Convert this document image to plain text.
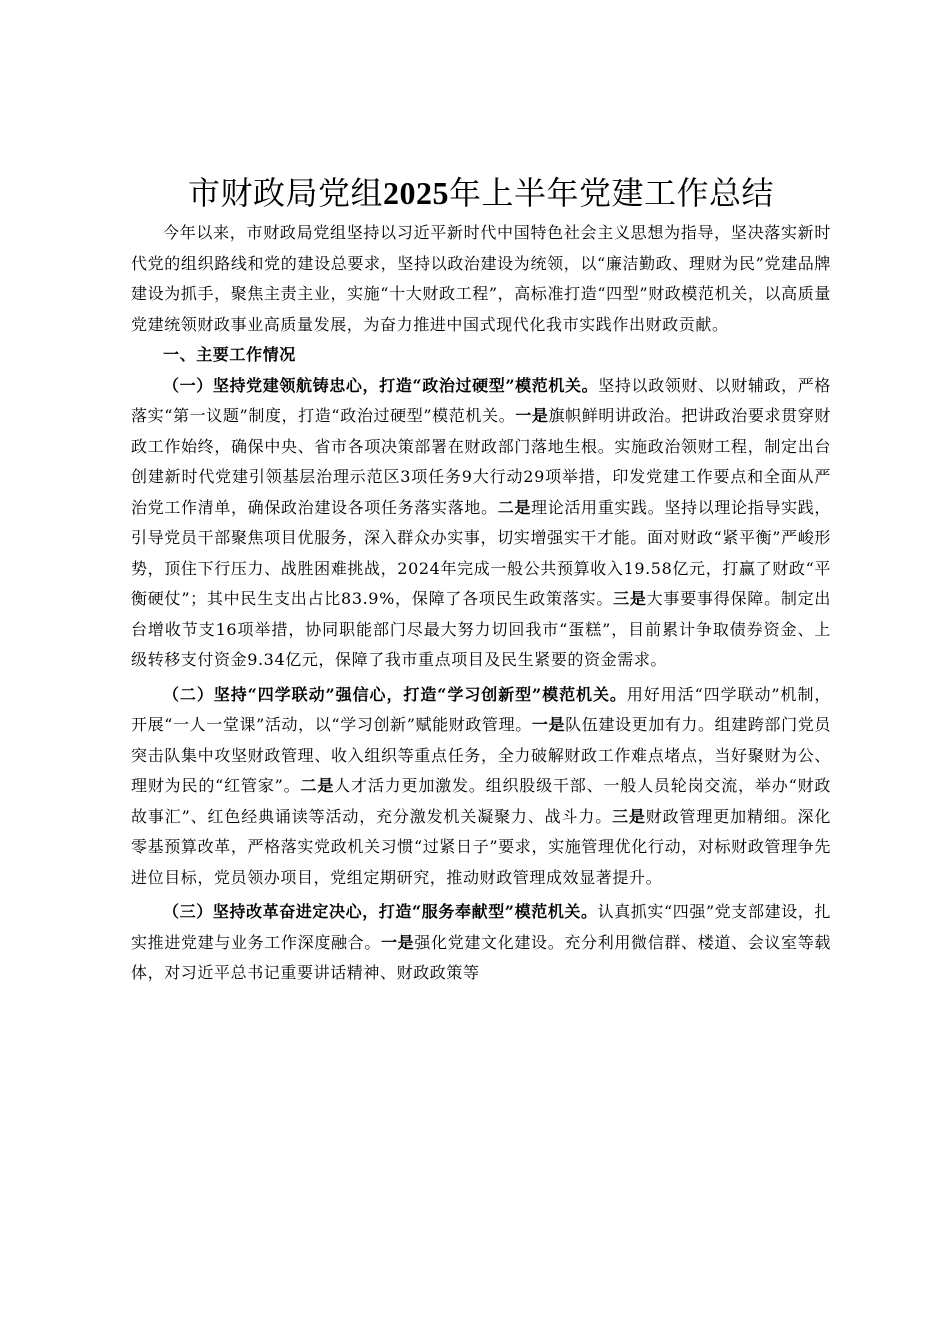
市财政局党组2025年上半年党建工作总结

今年以来，市财政局党组坚持以习近平新时代中国特色社会主义思想为指导，坚决落实新时代党的组织路线和党的建设总要求，坚持以政治建设为统领，以“廉洁勤政、理财为民”党建品牌建设为抓手，聚焦主责主业，实施“十大财政工程”，高标准打造“四型”财政模范机关，以高质量党建统领财政事业高质量发展，为奋力推进中国式现代化我市实践作出财政贡献。

一、主要工作情况

（一）坚持党建领航铸忠心，打造“政治过硬型”模范机关。坚持以政领财、以财辅政，严格落实“第一议题”制度，打造“政治过硬型”模范机关。一是旗帜鲜明讲政治。把讲政治要求贯穿财政工作始终，确保中央、省市各项决策部署在财政部门落地生根。实施政治领财工程，制定出台创建新时代党建引领基层治理示范区3项任务9大行动29项举措，印发党建工作要点和全面从严治党工作清单，确保政治建设各项任务落实落地。二是理论活用重实践。坚持以理论指导实践，引导党员干部聚焦项目优服务，深入群众办实事，切实增强实干才能。面对财政“紧平衡”严峻形势，顶住下行压力、战胜困难挑战，2024年完成一般公共预算收入19.58亿元，打赢了财政“平衡硬仗”；其中民生支出占比83.9%，保障了各项民生政策落实。三是大事要事得保障。制定出台增收节支16项举措，协同职能部门尽最大努力切回我市“蛋糕”，目前累计争取债券资金、上级转移支付资金9.34亿元，保障了我市重点项目及民生紧要的资金需求。

（二）坚持“四学联动”强信心，打造“学习创新型”模范机关。用好用活“四学联动”机制，开展“一人一堂课”活动，以“学习创新”赋能财政管理。一是队伍建设更加有力。组建跨部门党员突击队集中攻坚财政管理、收入组织等重点任务，全力破解财政工作难点堵点，当好聚财为公、理财为民的“红管家”。二是人才活力更加激发。组织股级干部、一般人员轮岗交流，举办“财政故事汇”、红色经典诵读等活动，充分激发机关凝聚力、战斗力。三是财政管理更加精细。深化零基预算改革，严格落实党政机关习惯“过紧日子”要求，实施管理优化行动，对标财政管理争先进位目标，党员领办项目，党组定期研究，推动财政管理成效显著提升。

（三）坚持改革奋进定决心，打造“服务奉献型”模范机关。认真抓实“四强”党支部建设，扎实推进党建与业务工作深度融合。一是强化党建文化建设。充分利用微信群、楼道、会议室等载体，对习近平总书记重要讲话精神、财政政策等
